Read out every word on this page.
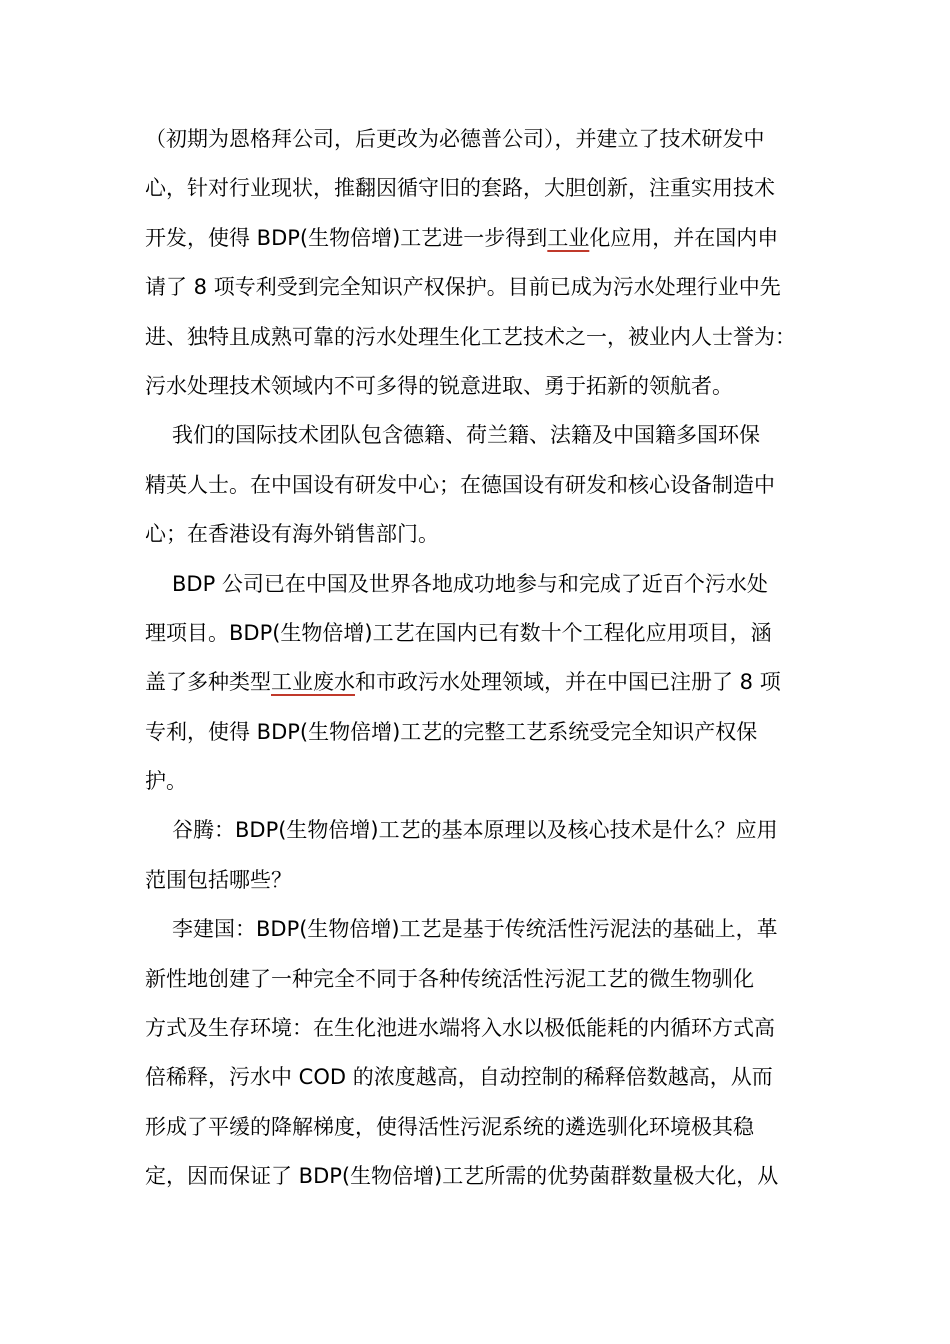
（初期为恩格拜公司，后更改为必德普公司），并建立了技术研发中
心，针对行业现状，推翻因循守旧的套路，大胆创新，注重实用技术
开发，使得 BDP(生物倍增)工艺进一步得到工业化应用，并在国内申
请了 8 项专利受到完全知识产权保护。目前已成为污水处理行业中先
进、独特且成熟可靠的污水处理生化工艺技术之一，被业内人士誉为：
污水处理技术领域内不可多得的锐意进取、勇于拓新的领航者。
我们的国际技术团队包含德籍、荷兰籍、法籍及中国籍多国环保
精英人士。在中国设有研发中心；在德国设有研发和核心设备制造中
心；在香港设有海外销售部门。
BDP 公司已在中国及世界各地成功地参与和完成了近百个污水处
理项目。BDP(生物倍增)工艺在国内已有数十个工程化应用项目，涵
盖了多种类型工业废水和市政污水处理领域，并在中国已注册了 8 项
专利，使得 BDP(生物倍增)工艺的完整工艺系统受完全知识产权保
护。
谷腾：BDP(生物倍增)工艺的基本原理以及核心技术是什么？应用
范围包括哪些？
李建国：BDP(生物倍增)工艺是基于传统活性污泥法的基础上，革
新性地创建了一种完全不同于各种传统活性污泥工艺的微生物驯化
方式及生存环境：在生化池进水端将入水以极低能耗的内循环方式高
倍稀释，污水中 COD 的浓度越高，自动控制的稀释倍数越高，从而
形成了平缓的降解梯度，使得活性污泥系统的遴选驯化环境极其稳
定，因而保证了 BDP(生物倍增)工艺所需的优势菌群数量极大化，从
